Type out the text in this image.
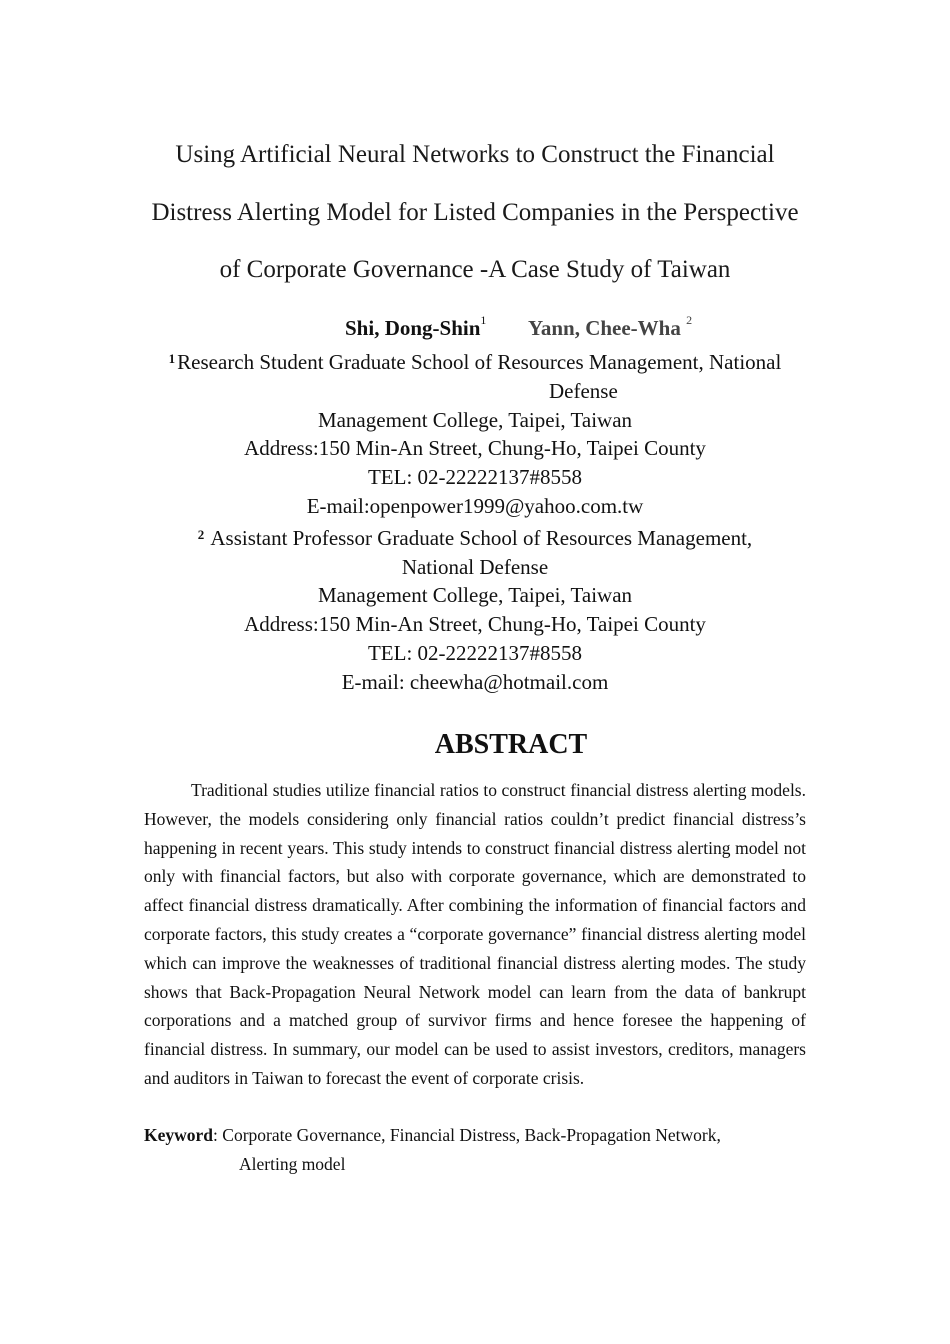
Using Artificial Neural Networks to Construct the Financial
Distress Alerting Model for Listed Companies in the Perspective
of Corporate Governance -A Case Study of Taiwan
Shi, Dong-Shin$^1$ Yann, Chee-Wha $^2$
$^1$Research Student Graduate School of Resources Management, National
Defense
Management College, Taipei, Taiwan
Address:150 Min-An Street, Chung-Ho, Taipei County
TEL: 02-22222137#8558
E-mail:openpower1999@yahoo.com.tw
$^2$ Assistant Professor Graduate School of Resources Management,
National Defense
Management College, Taipei, Taiwan
Address:150 Min-An Street, Chung-Ho, Taipei County
TEL: 02-22222137#8558
E-mail: cheewha@hotmail.com
ABSTRACT

Traditional studies utilize financial ratios to construct financial distress alerting models. However, the models considering only financial ratios couldn’t predict financial distress’s happening in recent years. This study intends to construct financial distress alerting model not only with financial factors, but also with corporate governance, which are demonstrated to affect financial distress dramatically. After combining the information of financial factors and corporate factors, this study creates a “corporate governance” financial distress alerting model which can improve the weaknesses of traditional financial distress alerting modes. The study shows that Back-Propagation Neural Network model can learn from the data of bankrupt corporations and a matched group of survivor firms and hence foresee the happening of financial distress. In summary, our model can be used to assist investors, creditors, managers and auditors in Taiwan to forecast the event of corporate crisis.

Keyword: Corporate Governance, Financial Distress, Back-Propagation Network,
Alerting model
